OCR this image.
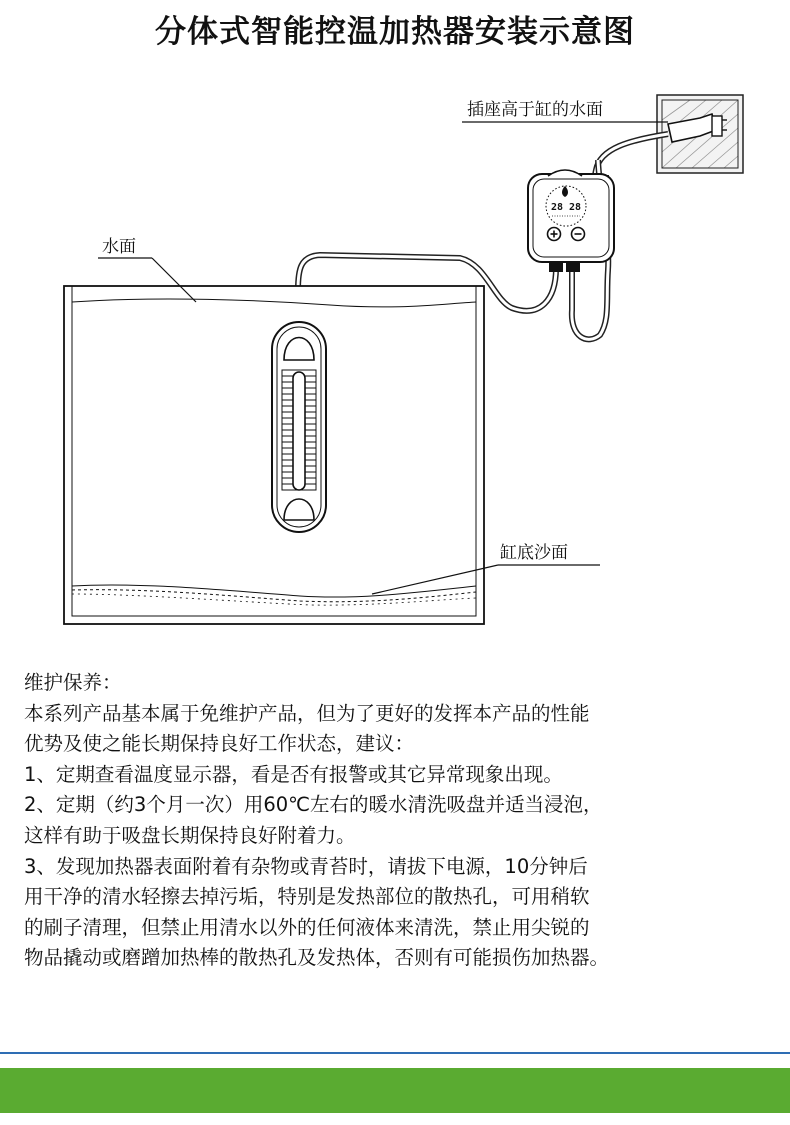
分体式智能控温加热器安装示意图
28 28
插座高于缸的水面
水面
缸底沙面
维护保养：
本系列产品基本属于免维护产品，但为了更好的发挥本产品的性能
优势及使之能长期保持良好工作状态，建议：
1、定期查看温度显示器，看是否有报警或其它异常现象出现。
2、定期（约3个月一次）用60℃左右的暖水清洗吸盘并适当浸泡，
这样有助于吸盘长期保持良好附着力。
3、发现加热器表面附着有杂物或青苔时，请拔下电源，10分钟后
用干净的清水轻擦去掉污垢，特别是发热部位的散热孔，可用稍软
的刷子清理，但禁止用清水以外的任何液体来清洗，禁止用尖锐的
物品撬动或磨蹭加热棒的散热孔及发热体，否则有可能损伤加热器。
